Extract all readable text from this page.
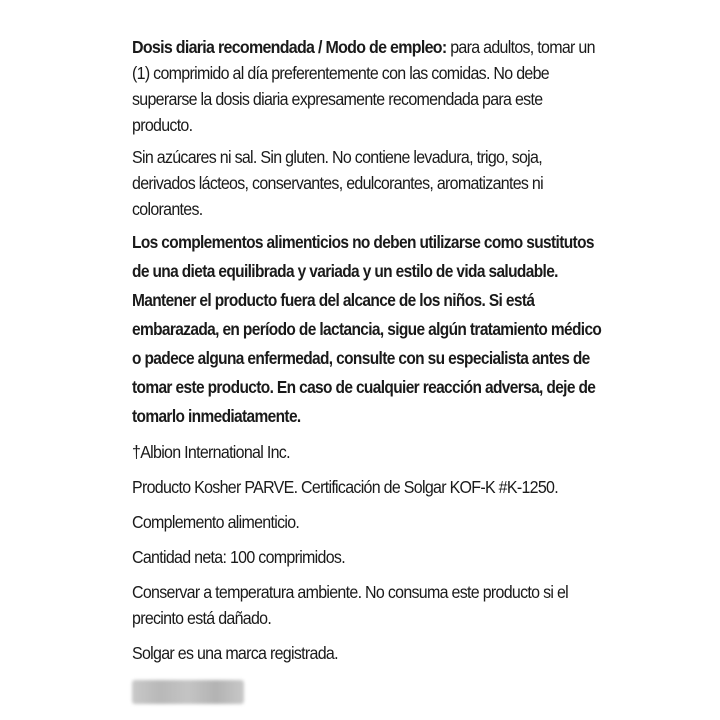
Dosis diaria recomendada / Modo de empleo: para adultos, tomar un (1) comprimido al día preferentemente con las comidas. No debe superarse la dosis diaria expresamente recomendada para este producto.

Sin azúcares ni sal. Sin gluten. No contiene levadura, trigo, soja, derivados lácteos, conservantes, edulcorantes, aromatizantes ni colorantes.

Los complementos alimenticios no deben utilizarse como sustitutos de una dieta equilibrada y variada y un estilo de vida saludable. Mantener el producto fuera del alcance de los niños. Si está embarazada, en período de lactancia, sigue algún tratamiento médico o padece alguna enfermedad, consulte con su especialista antes de tomar este producto. En caso de cualquier reacción adversa, deje de tomarlo inmediatamente.

†Albion International Inc.

Producto Kosher PARVE. Certificación de Solgar KOF-K #K-1250.

Complemento alimenticio.

Cantidad neta: 100 comprimidos.

Conservar a temperatura ambiente. No consuma este producto si el precinto está dañado.

Solgar es una marca registrada.
